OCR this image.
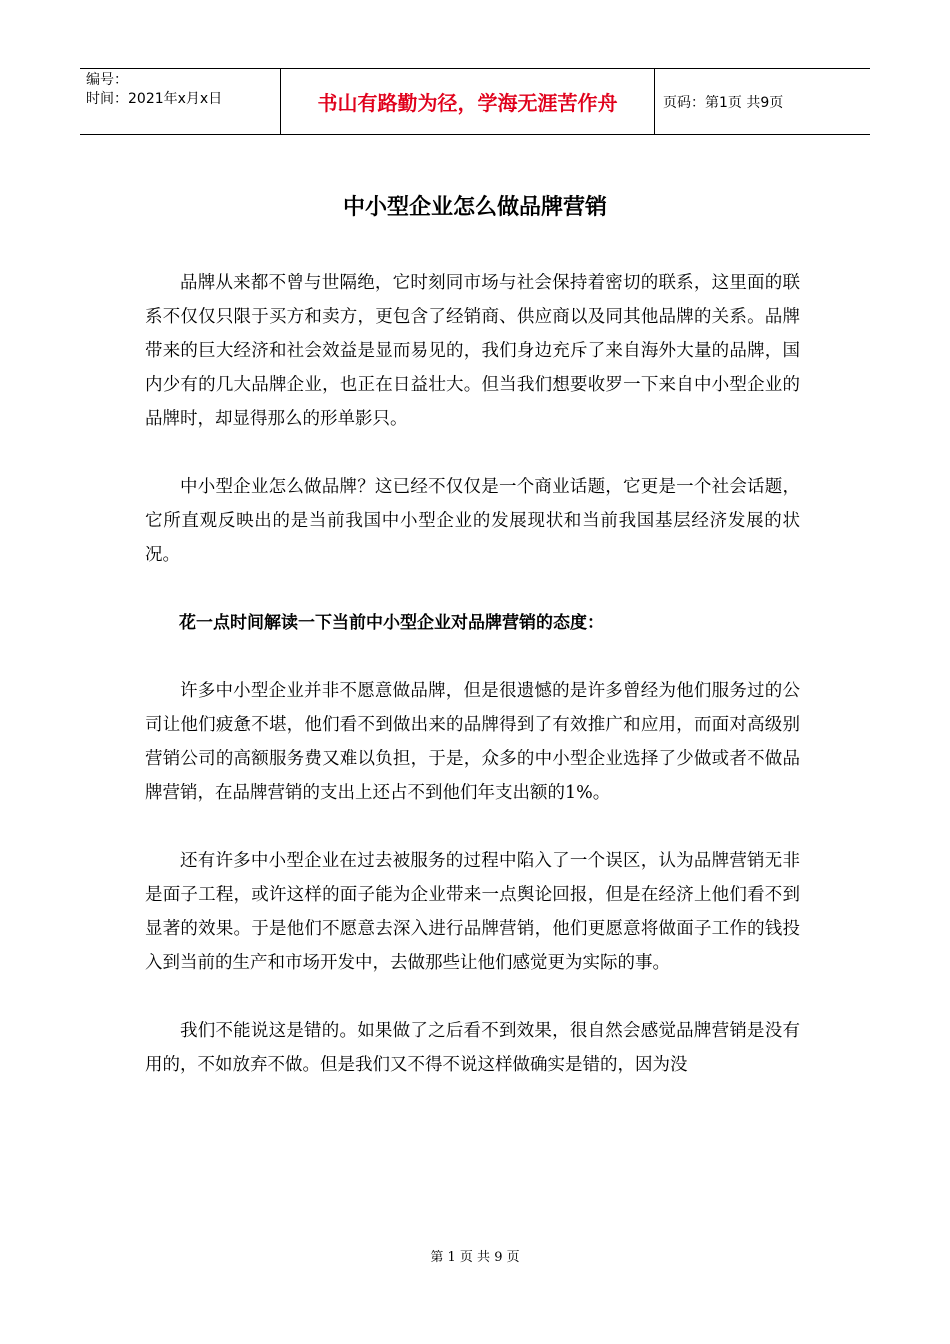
编号：
时间：2021年x月x日	书山有路勤为径，学海无涯苦作舟	页码：第1页 共9页
中小型企业怎么做品牌营销

品牌从来都不曾与世隔绝，它时刻同市场与社会保持着密切的联系，这里面的联系不仅仅只限于买方和卖方，更包含了经销商、供应商以及同其他品牌的关系。品牌带来的巨大经济和社会效益是显而易见的，我们身边充斥了来自海外大量的品牌，国内少有的几大品牌企业，也正在日益壮大。但当我们想要收罗一下来自中小型企业的品牌时，却显得那么的形单影只。

中小型企业怎么做品牌？这已经不仅仅是一个商业话题，它更是一个社会话题，它所直观反映出的是当前我国中小型企业的发展现状和当前我国基层经济发展的状况。

花一点时间解读一下当前中小型企业对品牌营销的态度：

许多中小型企业并非不愿意做品牌，但是很遗憾的是许多曾经为他们服务过的公司让他们疲惫不堪，他们看不到做出来的品牌得到了有效推广和应用，而面对高级别营销公司的高额服务费又难以负担，于是，众多的中小型企业选择了少做或者不做品牌营销，在品牌营销的支出上还占不到他们年支出额的1%。

还有许多中小型企业在过去被服务的过程中陷入了一个误区，认为品牌营销无非是面子工程，或许这样的面子能为企业带来一点舆论回报，但是在经济上他们看不到显著的效果。于是他们不愿意去深入进行品牌营销，他们更愿意将做面子工作的钱投入到当前的生产和市场开发中，去做那些让他们感觉更为实际的事。

我们不能说这是错的。如果做了之后看不到效果，很自然会感觉品牌营销是没有用的，不如放弃不做。但是我们又不得不说这样做确实是错的，因为没

第 1 页 共 9 页
